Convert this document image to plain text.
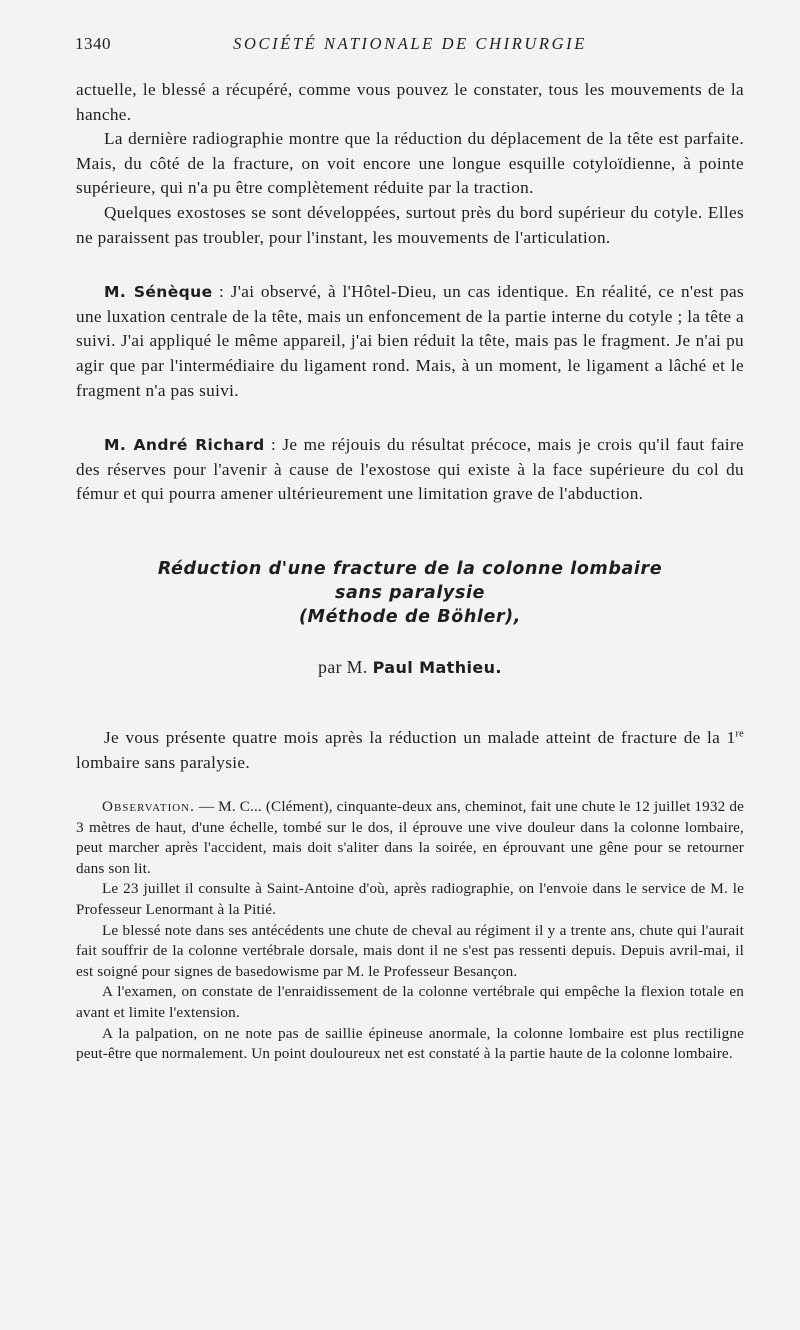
1340	SOCIÉTÉ NATIONALE DE CHIRURGIE

actuelle, le blessé a récupéré, comme vous pouvez le constater, tous les mouvements de la hanche.

La dernière radiographie montre que la réduction du déplacement de la tête est parfaite. Mais, du côté de la fracture, on voit encore une longue esquille cotyloïdienne, à pointe supérieure, qui n'a pu être complètement réduite par la traction.

Quelques exostoses se sont développées, surtout près du bord supérieur du cotyle. Elles ne paraissent pas troubler, pour l'instant, les mouvements de l'articulation.

M. Sénèque : J'ai observé, à l'Hôtel-Dieu, un cas identique. En réalité, ce n'est pas une luxation centrale de la tête, mais un enfoncement de la partie interne du cotyle ; la tête a suivi. J'ai appliqué le même appareil, j'ai bien réduit la tête, mais pas le fragment. Je n'ai pu agir que par l'intermédiaire du ligament rond. Mais, à un moment, le ligament a lâché et le fragment n'a pas suivi.

M. André Richard : Je me réjouis du résultat précoce, mais je crois qu'il faut faire des réserves pour l'avenir à cause de l'exostose qui existe à la face supérieure du col du fémur et qui pourra amener ultérieurement une limitation grave de l'abduction.

Réduction d'une fracture de la colonne lombaire
sans paralysie
(Méthode de Böhler),
par M. Paul Mathieu.

Je vous présente quatre mois après la réduction un malade atteint de fracture de la 1re lombaire sans paralysie.

Observation. — M. C... (Clément), cinquante-deux ans, cheminot, fait une chute le 12 juillet 1932 de 3 mètres de haut, d'une échelle, tombé sur le dos, il éprouve une vive douleur dans la colonne lombaire, peut marcher après l'accident, mais doit s'aliter dans la soirée, en éprouvant une gêne pour se retourner dans son lit.

Le 23 juillet il consulte à Saint-Antoine d'où, après radiographie, on l'envoie dans le service de M. le Professeur Lenormant à la Pitié.

Le blessé note dans ses antécédents une chute de cheval au régiment il y a trente ans, chute qui l'aurait fait souffrir de la colonne vertébrale dorsale, mais dont il ne s'est pas ressenti depuis. Depuis avril-mai, il est soigné pour signes de basedowisme par M. le Professeur Besançon.

A l'examen, on constate de l'enraidissement de la colonne vertébrale qui empêche la flexion totale en avant et limite l'extension.

A la palpation, on ne note pas de saillie épineuse anormale, la colonne lombaire est plus rectiligne peut-être que normalement. Un point douloureux net est constaté à la partie haute de la colonne lombaire.
